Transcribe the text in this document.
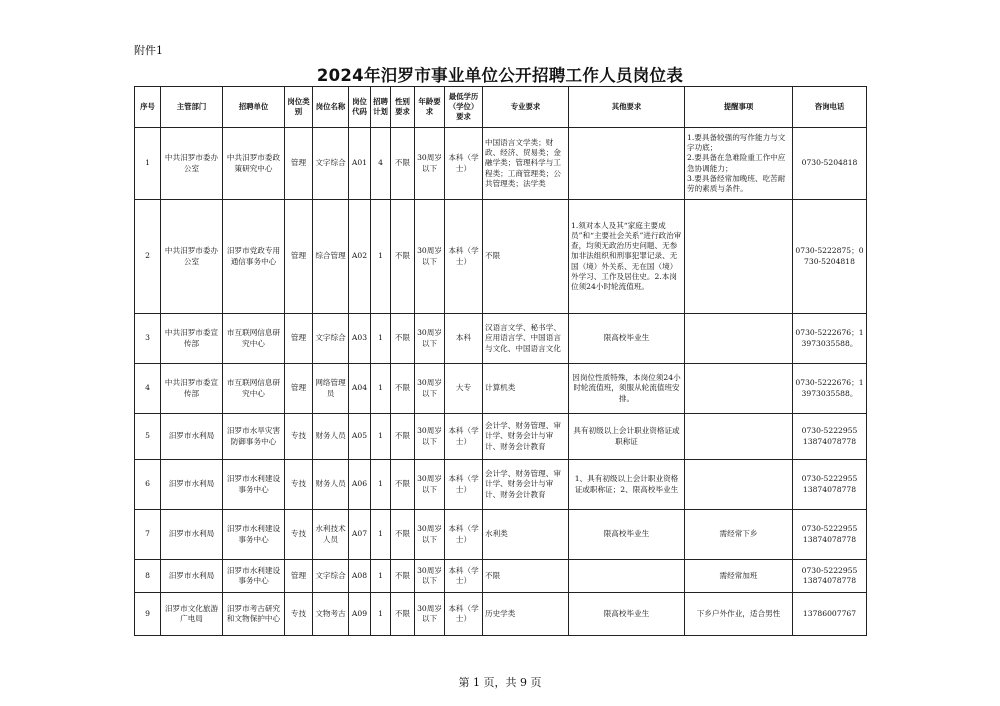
附件1
2024年汨罗市事业单位公开招聘工作人员岗位表
序号	主管部门	招聘单位	岗位类别	岗位名称	岗位代码	招聘计划	性别要求	年龄要求	最低学历（学位）要求	专业要求	其他要求	提醒事项	咨询电话
1	中共汨罗市委办公室	中共汨罗市委政策研究中心	管理	文字综合	A01	4	不限	30周岁以下	本科（学士）	中国语言文学类；财政、经济、贸易类；金融学类；管理科学与工程类；工商管理类；公共管理类；法学类		1.要具备较强的写作能力与文字功底；
2.要具备在急难险重工作中应急协调能力；
3.要具备经常加晚班、吃苦耐劳的素质与条件。	0730-5204818
2	中共汨罗市委办公室	汨罗市党政专用通信事务中心	管理	综合管理	A02	1	不限	30周岁以下	本科（学士）	不限	1.须对本人及其“家庭主要成员”和“主要社会关系”进行政治审查，均须无政治历史问题、无参加非法组织和刑事犯罪记录、无国（境）外关系、无在国（境）外学习、工作及居住史。2.本岗位须24小时轮流值班。		0730-5222875；0730-5204818
3	中共汨罗市委宣传部	市互联网信息研究中心	管理	文字综合	A03	1	不限	30周岁以下	本科	汉语言文学、秘书学、应用语言学、中国语言与文化、中国语言文化	限高校毕业生		0730-5222676；13973035588。
4	中共汨罗市委宣传部	市互联网信息研究中心	管理	网络管理员	A04	1	不限	30周岁以下	大专	计算机类	因岗位性质特殊，本岗位须24小时轮流值班，须服从轮流值班安排。		0730-5222676；13973035588。
5	汨罗市水利局	汨罗市水旱灾害防御事务中心	专技	财务人员	A05	1	不限	30周岁以下	本科（学士）	会计学、财务管理、审计学、财务会计与审计、财务会计教育	具有初级以上会计职业资格证或职称证		0730-5222955
13874078778
6	汨罗市水利局	汨罗市水利建设事务中心	专技	财务人员	A06	1	不限	30周岁以下	本科（学士）	会计学、财务管理、审计学、财务会计与审计、财务会计教育	1、具有初级以上会计职业资格证或职称证；2、限高校毕业生		0730-5222955
13874078778
7	汨罗市水利局	汨罗市水利建设事务中心	专技	水利技术人员	A07	1	不限	30周岁以下	本科（学士）	水利类	限高校毕业生	需经常下乡	0730-5222955
13874078778
8	汨罗市水利局	汨罗市水利建设事务中心	管理	文字综合	A08	1	不限	30周岁以下	本科（学士）	不限		需经常加班	0730-5222955
13874078778
9	汨罗市文化旅游广电局	汨罗市考古研究和文物保护中心	专技	文物考古	A09	1	不限	30周岁以下	本科（学士）	历史学类	限高校毕业生	下乡户外作业，适合男性	13786007767
第 1 页，共 9 页
